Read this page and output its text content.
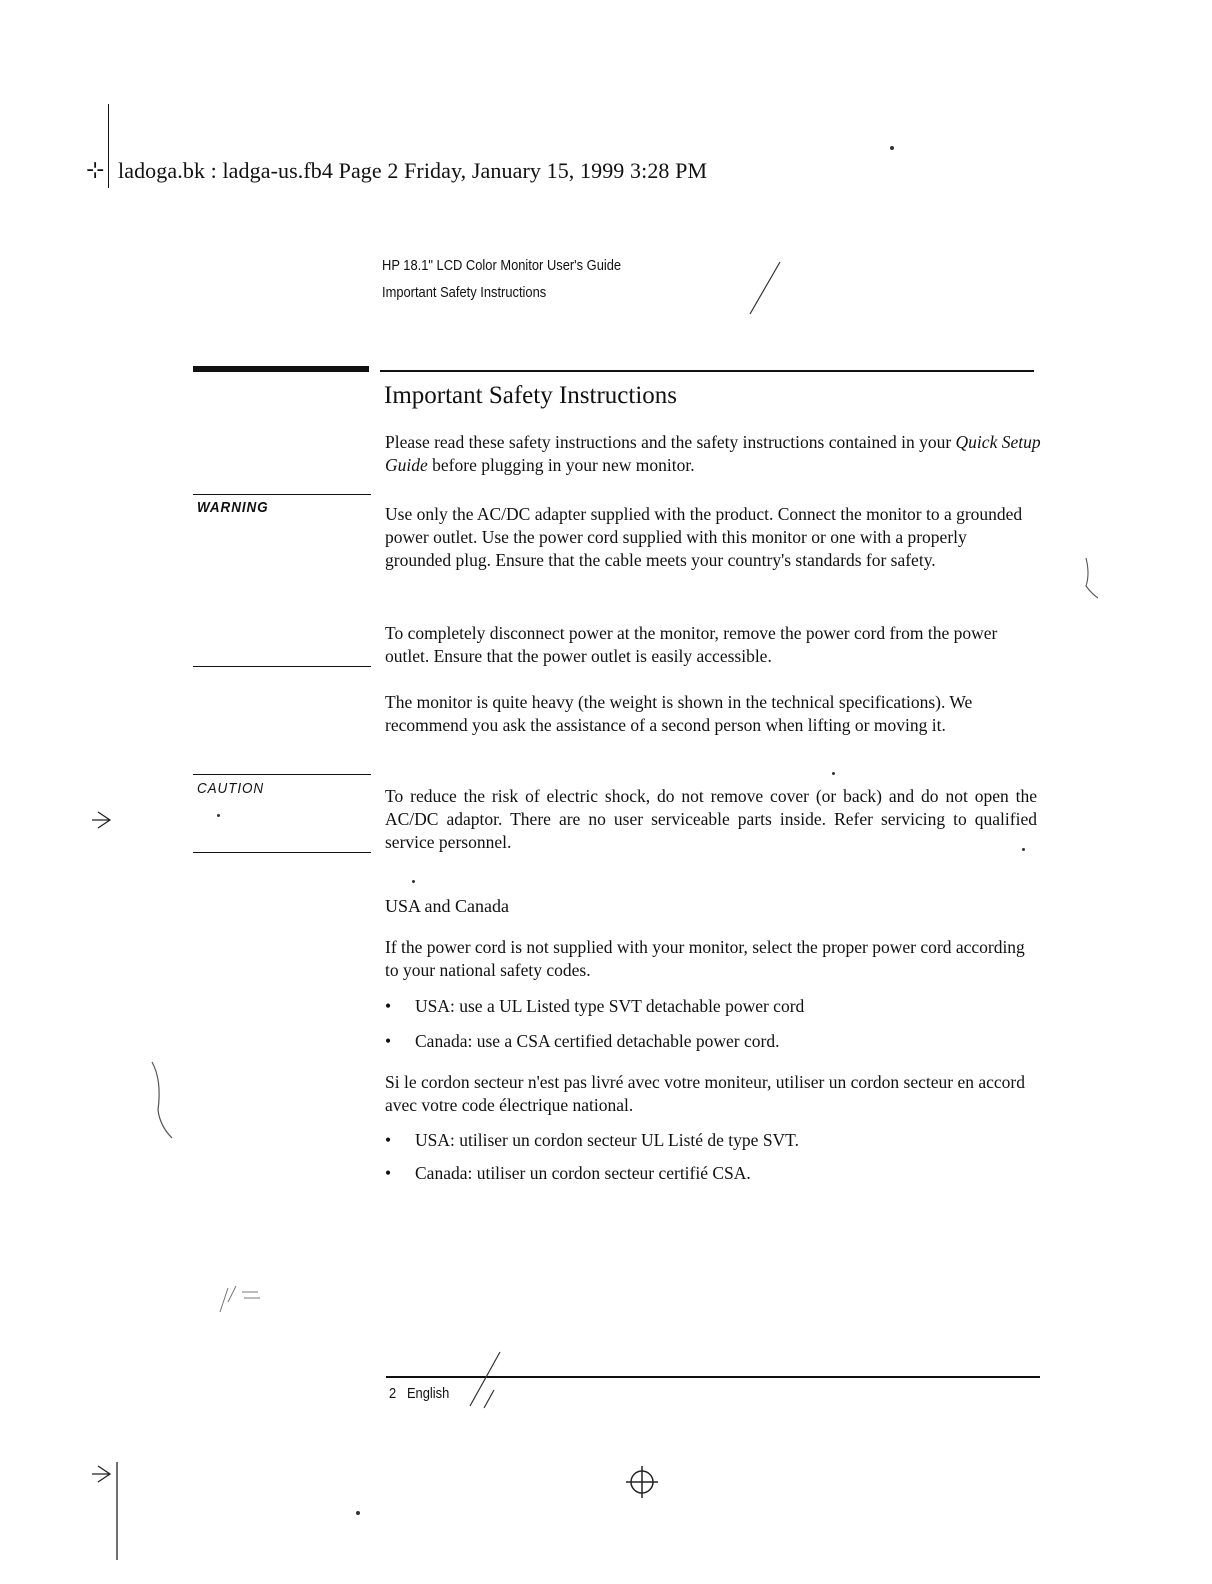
⊹ ladoga.bk : ladga-us.fb4 Page 2 Friday, January 15, 1999 3:28 PM
HP 18.1" LCD Color Monitor User's Guide
Important Safety Instructions
Important Safety Instructions
Please read these safety instructions and the safety instructions contained in your Quick Setup Guide before plugging in your new monitor.
WARNING	Use only the AC/DC adapter supplied with the product. Connect the monitor to a grounded power outlet. Use the power cord supplied with this monitor or one with a properly grounded plug. Ensure that the cable meets your country's standards for safety.
To completely disconnect power at the monitor, remove the power cord from the power outlet. Ensure that the power outlet is easily accessible.
The monitor is quite heavy (the weight is shown in the technical specifications). We recommend you ask the assistance of a second person when lifting or moving it.
CAUTION	To reduce the risk of electric shock, do not remove cover (or back) and do not open the AC/DC adaptor. There are no user serviceable parts inside. Refer servicing to qualified service personnel.
USA and Canada
If the power cord is not supplied with your monitor, select the proper power cord according to your national safety codes.
• USA: use a UL Listed type SVT detachable power cord
• Canada: use a CSA certified detachable power cord.
Si le cordon secteur n'est pas livré avec votre moniteur, utiliser un cordon secteur en accord avec votre code électrique national.
• USA: utiliser un cordon secteur UL Listé de type SVT.
• Canada: utiliser un cordon secteur certifié CSA.
2 English
